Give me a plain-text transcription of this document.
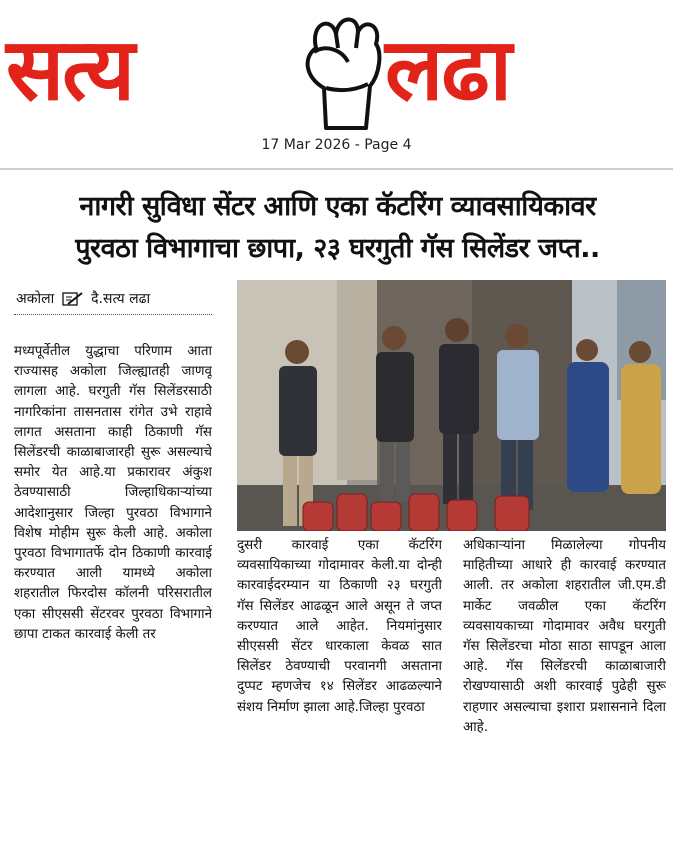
सत्य	लढा
17 Mar 2026 - Page 4
नागरी सुविधा सेंटर आणि एका कॅटरिंग व्यावसायिकावर
पुरवठा विभागाचा छापा, २३ घरगुती गॅस सिलेंडर जप्त..
अकोला	दै.सत्य लढा
मध्यपूर्वेतील युद्धाचा परिणाम आता राज्यासह अकोला जिल्ह्यातही जाणवू लागला आहे. घरगुती गॅस सिलेंडरसाठी नागरिकांना तासनतास रांगेत उभे राहावे लागत असताना काही ठिकाणी गॅस सिलेंडरची काळाबाजारही सुरू असल्याचे समोर येत आहे.या प्रकारावर अंकुश ठेवण्यासाठी जिल्हाधिकाऱ्यांच्या आदेशानुसार जिल्हा पुरवठा विभागाने विशेष मोहीम सुरू केली आहे. अकोला पुरवठा विभागातर्फे दोन ठिकाणी कारवाई करण्यात आली यामध्ये अकोला शहरातील फिरदोस कॉलनी परिसरातील एका सीएससी सेंटरवर पुरवठा विभागाने छापा टाकत कारवाई केली तर
दुसरी कारवाई एका कॅटरिंग व्यवसायिकाच्या गोदामावर केली.या दोन्ही कारवाईदरम्यान या ठिकाणी २३ घरगुती गॅस सिलेंडर आढळून आले असून ते जप्त करण्यात आले आहेत. नियमांनुसार सीएससी सेंटर धारकाला केवळ सात सिलेंडर ठेवण्याची परवानगी असताना दुप्पट म्हणजेच १४ सिलेंडर आढळल्याने संशय निर्माण झाला आहे.जिल्हा पुरवठा
अधिकाऱ्यांना मिळालेल्या गोपनीय माहितीच्या आधारे ही कारवाई करण्यात आली. तर अकोला शहरातील जी.एम.डी मार्केट जवळील एका कॅटरिंग व्यवसायकाच्या गोदामावर अवैध घरगुती गॅस सिलेंडरचा मोठा साठा सापडून आला आहे. गॅस सिलेंडरची काळाबाजारी रोखण्यासाठी अशी कारवाई पुढेही सुरू राहणार असल्याचा इशारा प्रशासनाने दिला आहे.
